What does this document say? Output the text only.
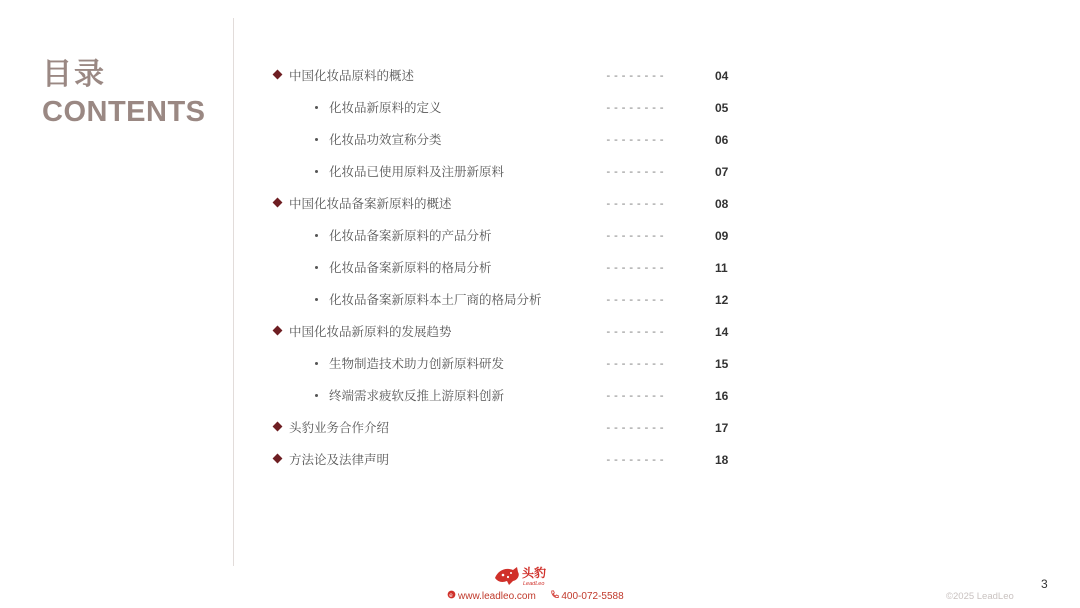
目录
CONTENTS
中国化妆品原料的概述	--------	04
化妆品新原料的定义	--------	05
化妆品功效宣称分类	--------	06
化妆品已使用原料及注册新原料	--------	07
中国化妆品备案新原料的概述	--------	08
化妆品备案新原料的产品分析	--------	09
化妆品备案新原料的格局分析	--------	11
化妆品备案新原料本土厂商的格局分析	--------	12
中国化妆品新原料的发展趋势	--------	14
生物制造技术助力创新原料研发	--------	15
终端需求疲软反推上游原料创新	--------	16
头豹业务合作介绍	--------	17
方法论及法律声明	--------	18
头豹
LeadLeo
e www.leadleo.com	400-072-5588	©2025 LeadLeo
3
